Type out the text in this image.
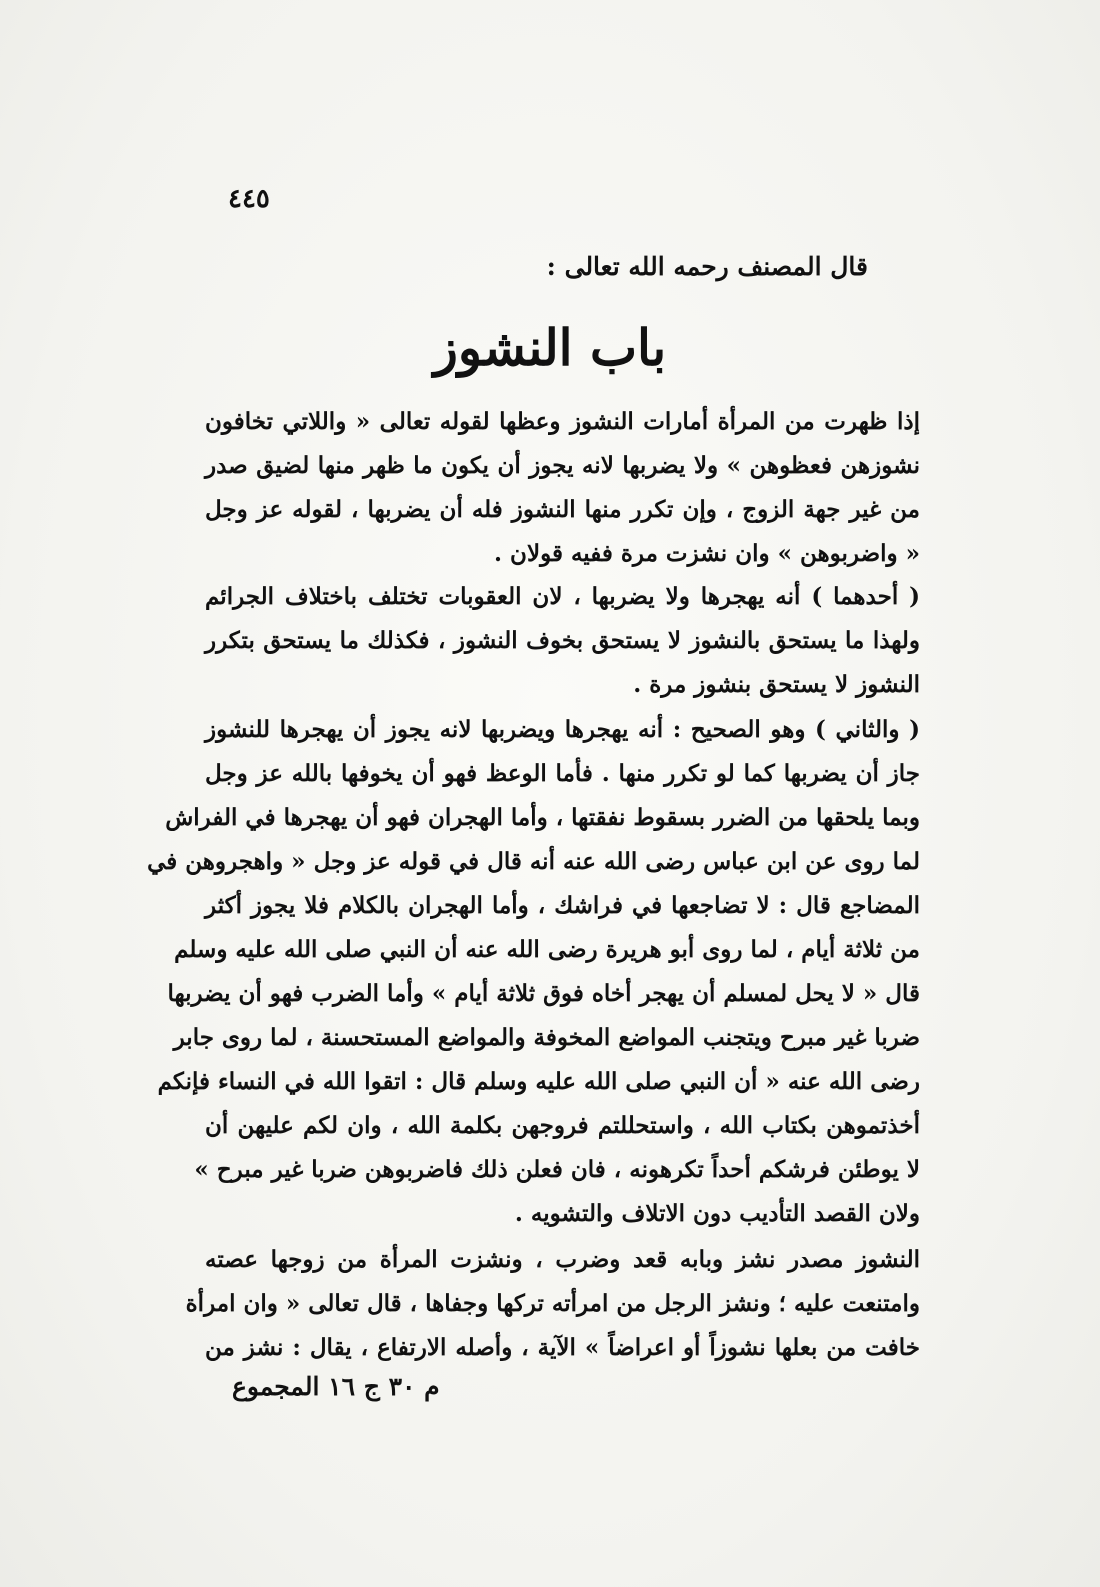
٤٤٥
قال المصنف رحمه الله تعالى :
باب النشوز
إذا ظهرت من المرأة أمارات النشوز وعظها لقوله تعالى « واللاتي تخافون
نشوزهن فعظوهن » ولا يضربها لانه يجوز أن يكون ما ظهر منها لضيق صدر
من غير جهة الزوج ، وإن تكرر منها النشوز فله أن يضربها ، لقوله عز وجل
« واضربوهن » وان نشزت مرة ففيه قولان .
( أحدهما ) أنه يهجرها ولا يضربها ، لان العقوبات تختلف باختلاف الجرائم
ولهذا ما يستحق بالنشوز لا يستحق بخوف النشوز ، فكذلك ما يستحق بتكرر
النشوز لا يستحق بنشوز مرة .
( والثاني ) وهو الصحيح : أنه يهجرها ويضربها لانه يجوز أن يهجرها للنشوز
جاز أن يضربها كما لو تكرر منها . فأما الوعظ فهو أن يخوفها بالله عز وجل
وبما يلحقها من الضرر بسقوط نفقتها ، وأما الهجران فهو أن يهجرها في الفراش
لما روى عن ابن عباس رضى الله عنه أنه قال في قوله عز وجل « واهجروهن في
المضاجع قال : لا تضاجعها في فراشك ، وأما الهجران بالكلام فلا يجوز أكثر
من ثلاثة أيام ، لما روى أبو هريرة رضى الله عنه أن النبي صلى الله عليه وسلم
قال « لا يحل لمسلم أن يهجر أخاه فوق ثلاثة أيام » وأما الضرب فهو أن يضربها
ضربا غير مبرح ويتجنب المواضع المخوفة والمواضع المستحسنة ، لما روى جابر
رضى الله عنه « أن النبي صلى الله عليه وسلم قال : اتقوا الله في النساء فإنكم
أخذتموهن بكتاب الله ، واستحللتم فروجهن بكلمة الله ، وان لكم عليهن أن
لا يوطئن فرشكم أحداً تكرهونه ، فان فعلن ذلك فاضربوهن ضربا غير مبرح »
ولان القصد التأديب دون الاتلاف والتشويه .
النشوز مصدر نشز وبابه قعد وضرب ، ونشزت المرأة من زوجها عصته
وامتنعت عليه ؛ ونشز الرجل من امرأته تركها وجفاها ، قال تعالى « وان امرأة
خافت من بعلها نشوزاً أو اعراضاً » الآية ، وأصله الارتفاع ، يقال : نشز من
م ٣٠ ج ١٦ المجموع
